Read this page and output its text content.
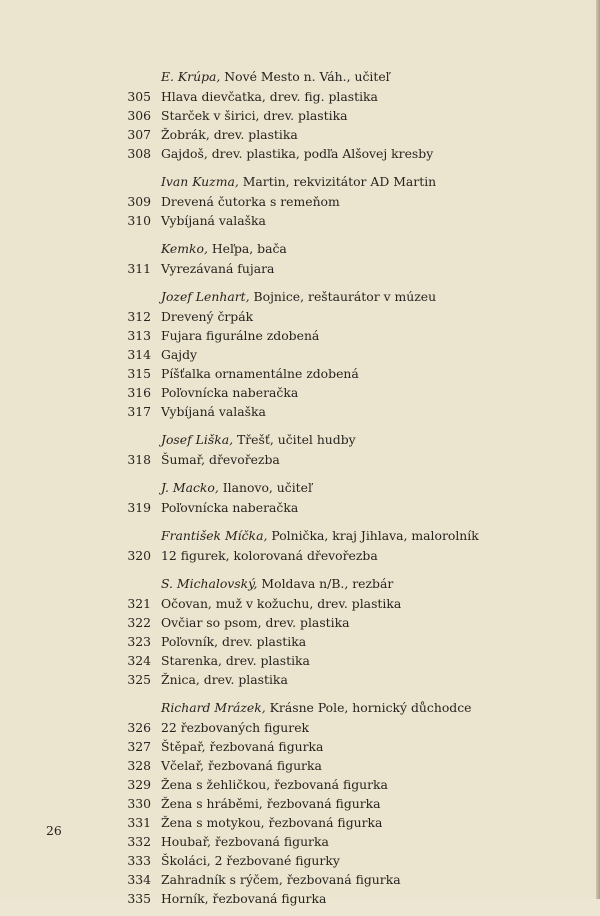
E. Krúpa, Nové Mesto n. Váh., učiteľ
305 Hlava dievčatka, drev. fig. plastika
306 Starček v širici, drev. plastika
307 Žobrák, drev. plastika
308 Gajdoš, drev. plastika, podľa Alšovej kresby
Ivan Kuzma, Martin, rekvizitátor AD Martin
309 Drevená čutorka s remeňom
310 Vybíjaná valaška
Kemko, Heľpa, bača
311 Vyrezávaná fujara
Jozef Lenhart, Bojnice, reštaurátor v múzeu
312 Drevený črpák
313 Fujara figurálne zdobená
314 Gajdy
315 Píšťalka ornamentálne zdobená
316 Poľovnícka naberačka
317 Vybíjaná valaška
Josef Liška, Třešť, učitel hudby
318 Šumař, dřevořezba
J. Macko, Ilanovo, učiteľ
319 Poľovnícka naberačka
František Míčka, Polnička, kraj Jihlava, malorolník
320 12 figurek, kolorovaná dřevořezba
S. Michalovský, Moldava n/B., rezbár
321 Očovan, muž v kožuchu, drev. plastika
322 Ovčiar so psom, drev. plastika
323 Poľovník, drev. plastika
324 Starenka, drev. plastika
325 Žnica, drev. plastika
Richard Mrázek, Krásne Pole, hornický důchodce
326 22 řezbovaných figurek
327 Štěpař, řezbovaná figurka
328 Včelař, řezbovaná figurka
329 Žena s žehličkou, řezbovaná figurka
330 Žena s hráběmi, řezbovaná figurka
331 Žena s motykou, řezbovaná figurka
332 Houbař, řezbovaná figurka
333 Školáci, 2 řezbované figurky
334 Zahradník s rýčem, řezbovaná figurka
335 Horník, řezbovaná figurka
26
